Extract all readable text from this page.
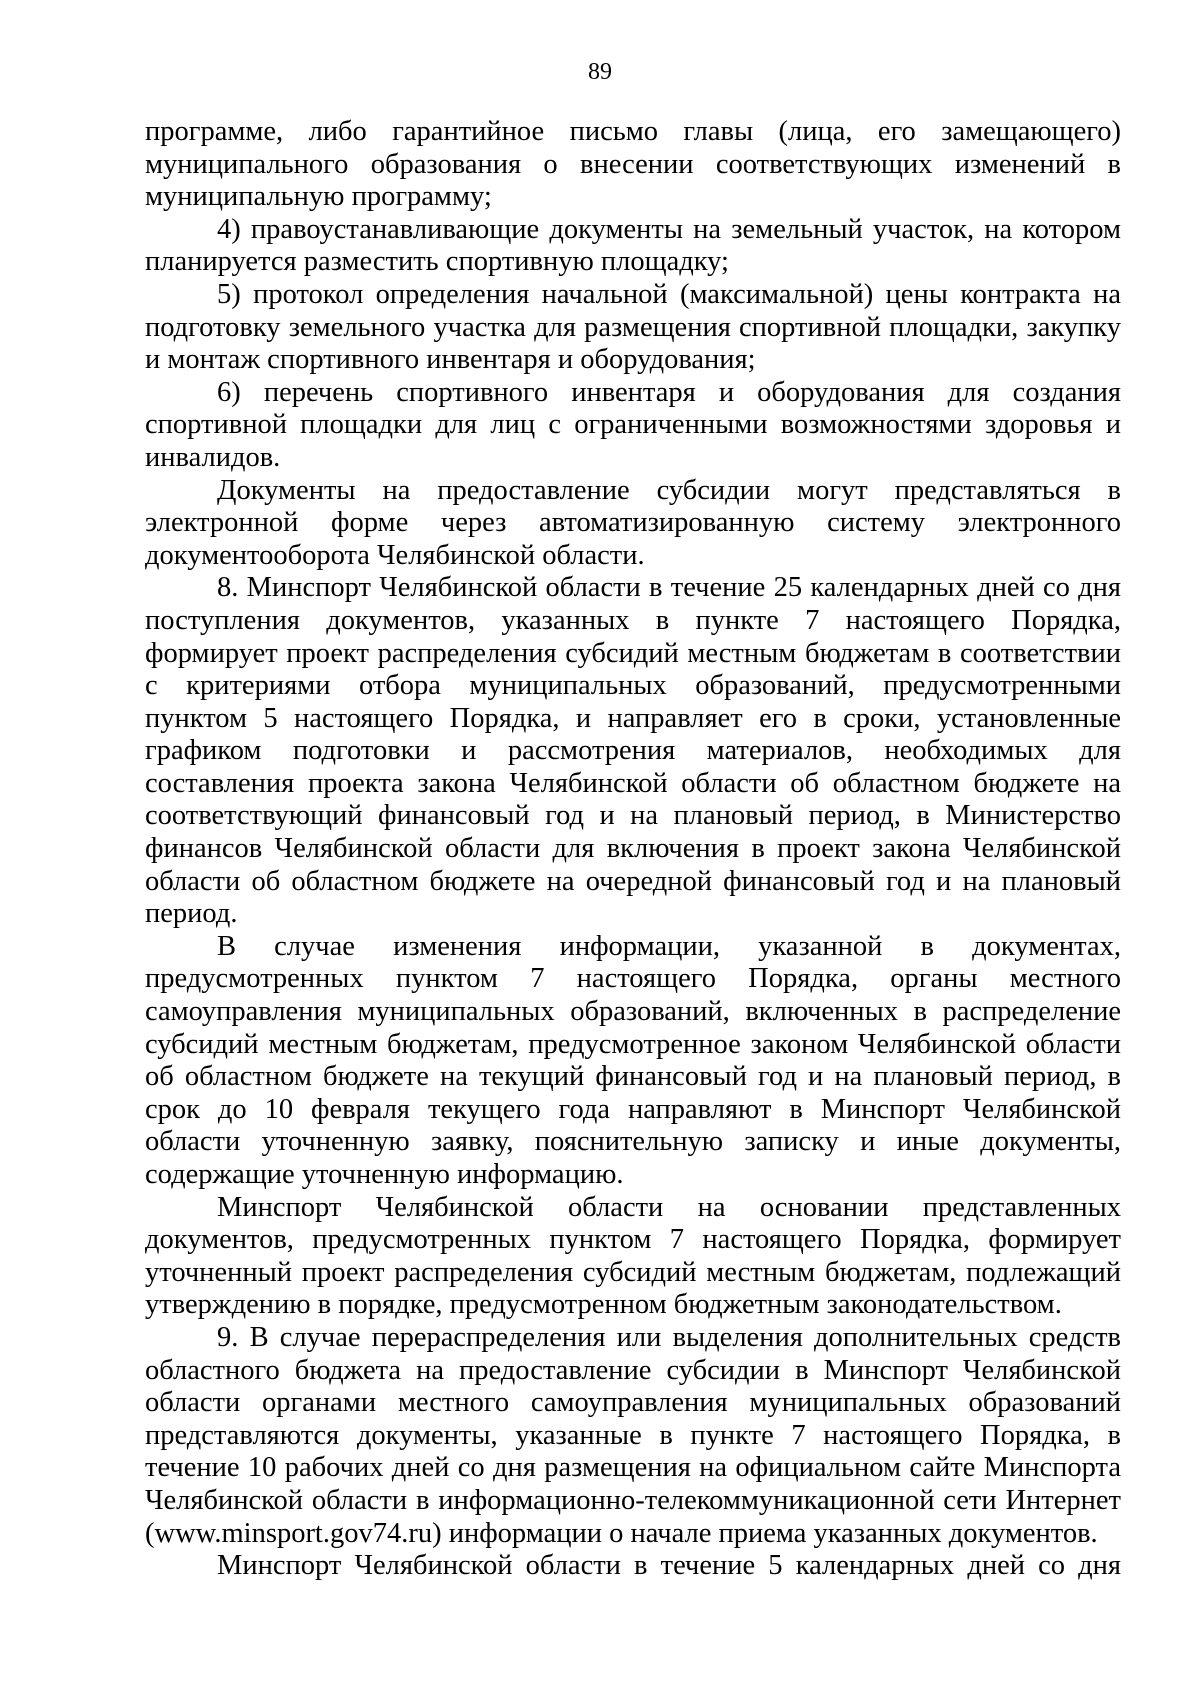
89

программе, либо гарантийное письмо главы (лица, его замещающего) муниципального образования о внесении соответствующих изменений в муниципальную программу;

4) правоустанавливающие документы на земельный участок, на котором планируется разместить спортивную площадку;

5) протокол определения начальной (максимальной) цены контракта на подготовку земельного участка для размещения спортивной площадки, закупку и монтаж спортивного инвентаря и оборудования;

6) перечень спортивного инвентаря и оборудования для создания спортивной площадки для лиц с ограниченными возможностями здоровья и инвалидов.

Документы на предоставление субсидии могут представляться в электронной форме через автоматизированную систему электронного документооборота Челябинской области.

8. Минспорт Челябинской области в течение 25 календарных дней со дня поступления документов, указанных в пункте 7 настоящего Порядка, формирует проект распределения субсидий местным бюджетам в соответствии с критериями отбора муниципальных образований, предусмотренными пунктом 5 настоящего Порядка, и направляет его в сроки, установленные графиком подготовки и рассмотрения материалов, необходимых для составления проекта закона Челябинской области об областном бюджете на соответствующий финансовый год и на плановый период, в Министерство финансов Челябинской области для включения в проект закона Челябинской области об областном бюджете на очередной финансовый год и на плановый период.

В случае изменения информации, указанной в документах, предусмотренных пунктом 7 настоящего Порядка, органы местного самоуправления муниципальных образований, включенных в распределение субсидий местным бюджетам, предусмотренное законом Челябинской области об областном бюджете на текущий финансовый год и на плановый период, в срок до 10 февраля текущего года направляют в Минспорт Челябинской области уточненную заявку, пояснительную записку и иные документы, содержащие уточненную информацию.

Минспорт Челябинской области на основании представленных документов, предусмотренных пунктом 7 настоящего Порядка, формирует уточненный проект распределения субсидий местным бюджетам, подлежащий утверждению в порядке, предусмотренном бюджетным законодательством.

9. В случае перераспределения или выделения дополнительных средств областного бюджета на предоставление субсидии в Минспорт Челябинской области органами местного самоуправления муниципальных образований представляются документы, указанные в пункте 7 настоящего Порядка, в течение 10 рабочих дней со дня размещения на официальном сайте Минспорта Челябинской области в информационно-телекоммуникационной сети Интернет (www.minsport.gov74.ru) информации о начале приема указанных документов.

Минспорт Челябинской области в течение 5 календарных дней со дня
